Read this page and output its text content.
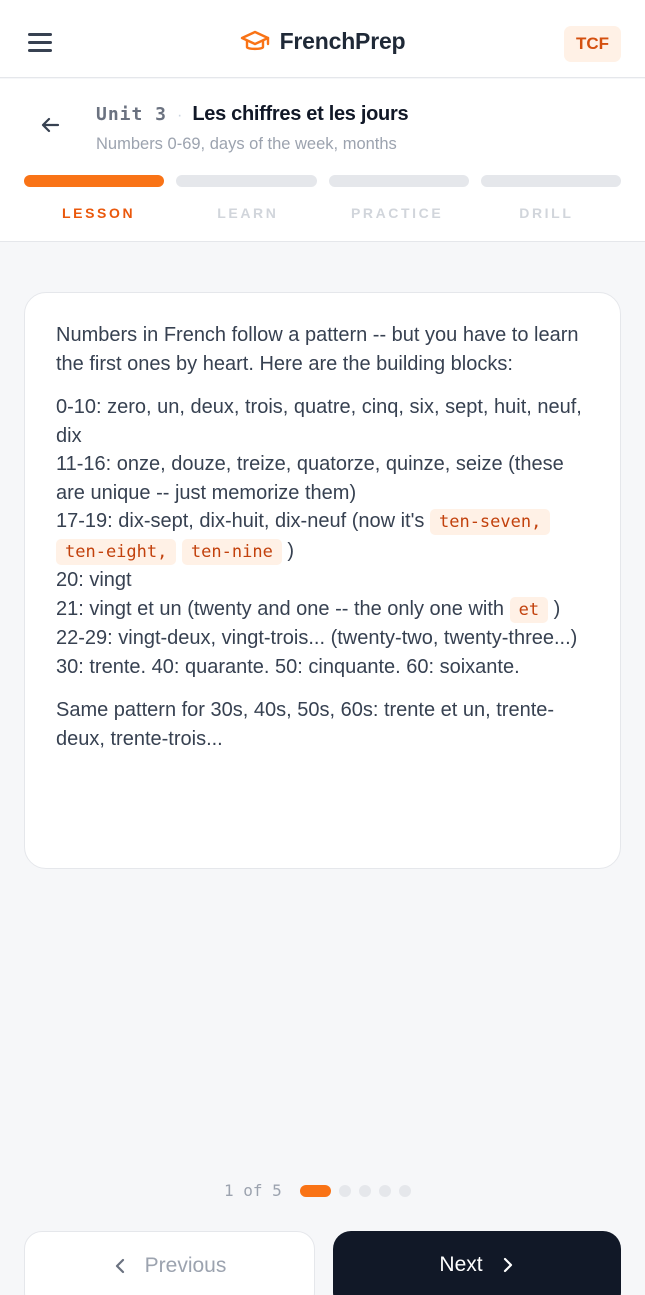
FrenchPrep	TCF
Unit 3 · Les chiffres et les jours
Numbers 0-69, days of the week, months
LESSON	LEARN	PRACTICE	DRILL

Numbers in French follow a pattern -- but you have to learn the first ones by heart. Here are the building blocks:

0-10: zero, un, deux, trois, quatre, cinq, six, sept, huit, neuf, dix
11-16: onze, douze, treize, quatorze, quinze, seize (these are unique -- just memorize them)
17-19: dix-sept, dix-huit, dix-neuf (now it's ten-seven, ten-eight, ten-nine )
20: vingt
21: vingt et un (twenty and one -- the only one with et )
22-29: vingt-deux, vingt-trois... (twenty-two, twenty-three...)
30: trente. 40: quarante. 50: cinquante. 60: soixante.

Same pattern for 30s, 40s, 50s, 60s: trente et un, trente-deux, trente-trois...

1 of 5
Previous	Next
